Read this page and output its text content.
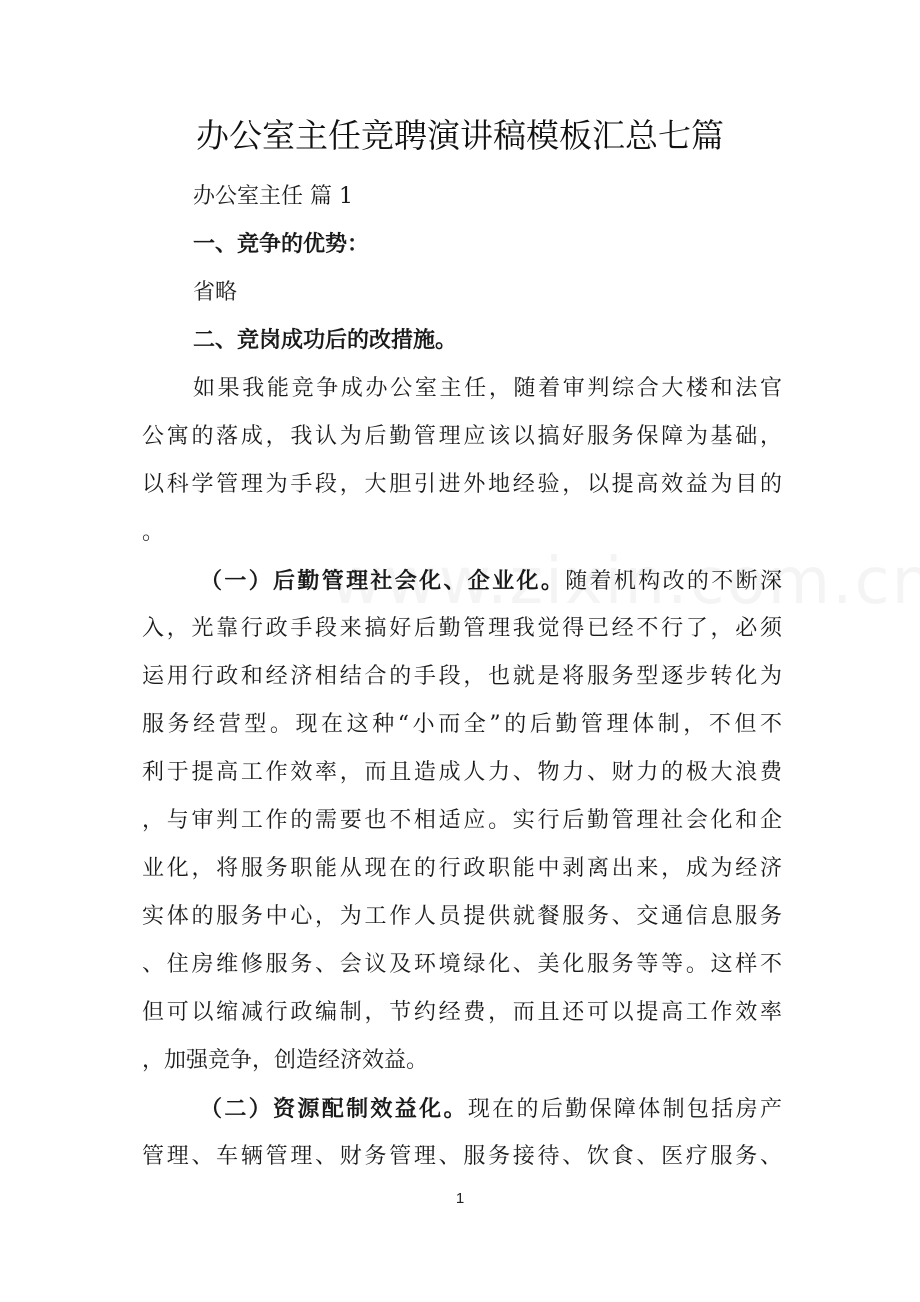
办公室主任竞聘演讲稿模板汇总七篇
办公室主任 篇 1
一、竞争的优势：
省略
二、竞岗成功后的改措施。
如果我能竞争成办公室主任，随着审判综合大楼和法官
公寓的落成，我认为后勤管理应该以搞好服务保障为基础，
以科学管理为手段，大胆引进外地经验，以提高效益为目的
。
（一）后勤管理社会化、企业化。随着机构改的不断深
入，光靠行政手段来搞好后勤管理我觉得已经不行了，必须
运用行政和经济相结合的手段，也就是将服务型逐步转化为
服务经营型。现在这种“小而全”的后勤管理体制，不但不
利于提高工作效率，而且造成人力、物力、财力的极大浪费
，与审判工作的需要也不相适应。实行后勤管理社会化和企
业化，将服务职能从现在的行政职能中剥离出来，成为经济
实体的服务中心，为工作人员提供就餐服务、交通信息服务
、住房维修服务、会议及环境绿化、美化服务等等。这样不
但可以缩减行政编制，节约经费，而且还可以提高工作效率
，加强竞争，创造经济效益。
（二）资源配制效益化。现在的后勤保障体制包括房产
管理、车辆管理、财务管理、服务接待、饮食、医疗服务、
1
